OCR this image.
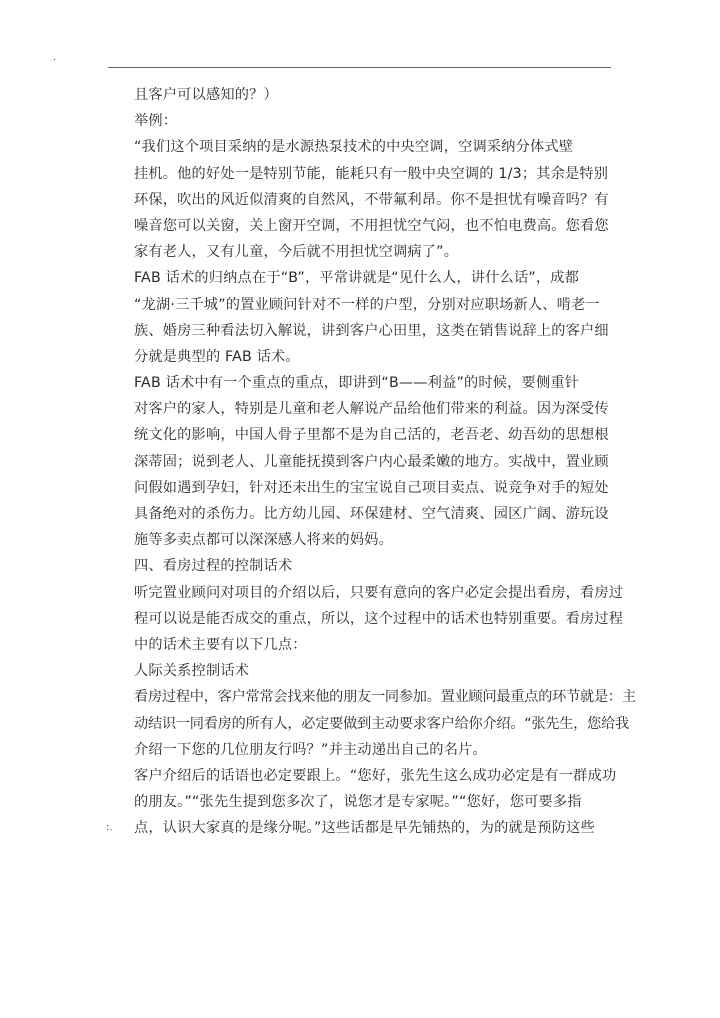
.
且客户可以感知的？）
举例：
“我们这个项目采纳的是水源热泵技术的中央空调，空调采纳分体式壁
挂机。他的好处一是特别节能，能耗只有一般中央空调的 1/3；其余是特别
环保，吹出的风近似清爽的自然风，不带氟利昂。你不是担忧有噪音吗？有
噪音您可以关窗，关上窗开空调，不用担忧空气闷，也不怕电费高。您看您
家有老人，又有儿童，今后就不用担忧空调病了”。
FAB 话术的归纳点在于“B”，平常讲就是“见什么人，讲什么话”，成都
“龙湖·三千城”的置业顾问针对不一样的户型，分别对应职场新人、啃老一
族、婚房三种看法切入解说，讲到客户心田里，这类在销售说辞上的客户细
分就是典型的 FAB 话术。
FAB 话术中有一个重点的重点，即讲到“B——利益”的时候，要侧重针
对客户的家人，特别是儿童和老人解说产品给他们带来的利益。因为深受传
统文化的影响，中国人骨子里都不是为自己活的，老吾老、幼吾幼的思想根
深蒂固；说到老人、儿童能抚摸到客户内心最柔嫩的地方。实战中，置业顾
问假如遇到孕妇，针对还未出生的宝宝说自己项目卖点、说竞争对手的短处
具备绝对的杀伤力。比方幼儿园、环保建材、空气清爽、园区广阔、游玩设
施等多卖点都可以深深感人将来的妈妈。
四、看房过程的控制话术
听完置业顾问对项目的介绍以后，只要有意向的客户必定会提出看房，看房过
程可以说是能否成交的重点，所以，这个过程中的话术也特别重要。看房过程
中的话术主要有以下几点：
人际关系控制话术
看房过程中，客户常常会找来他的朋友一同参加。置业顾问最重点的环节就是：主
动结识一同看房的所有人，必定要做到主动要求客户给你介绍。“张先生，您给我
介绍一下您的几位朋友行吗？”并主动递出自己的名片。
客户介绍后的话语也必定要跟上。“您好，张先生这么成功必定是有一群成功
的朋友。”“张先生提到您多次了，说您才是专家呢。”“您好，您可要多指
点，认识大家真的是缘分呢。”这些话都是早先铺热的，为的就是预防这些
:.
